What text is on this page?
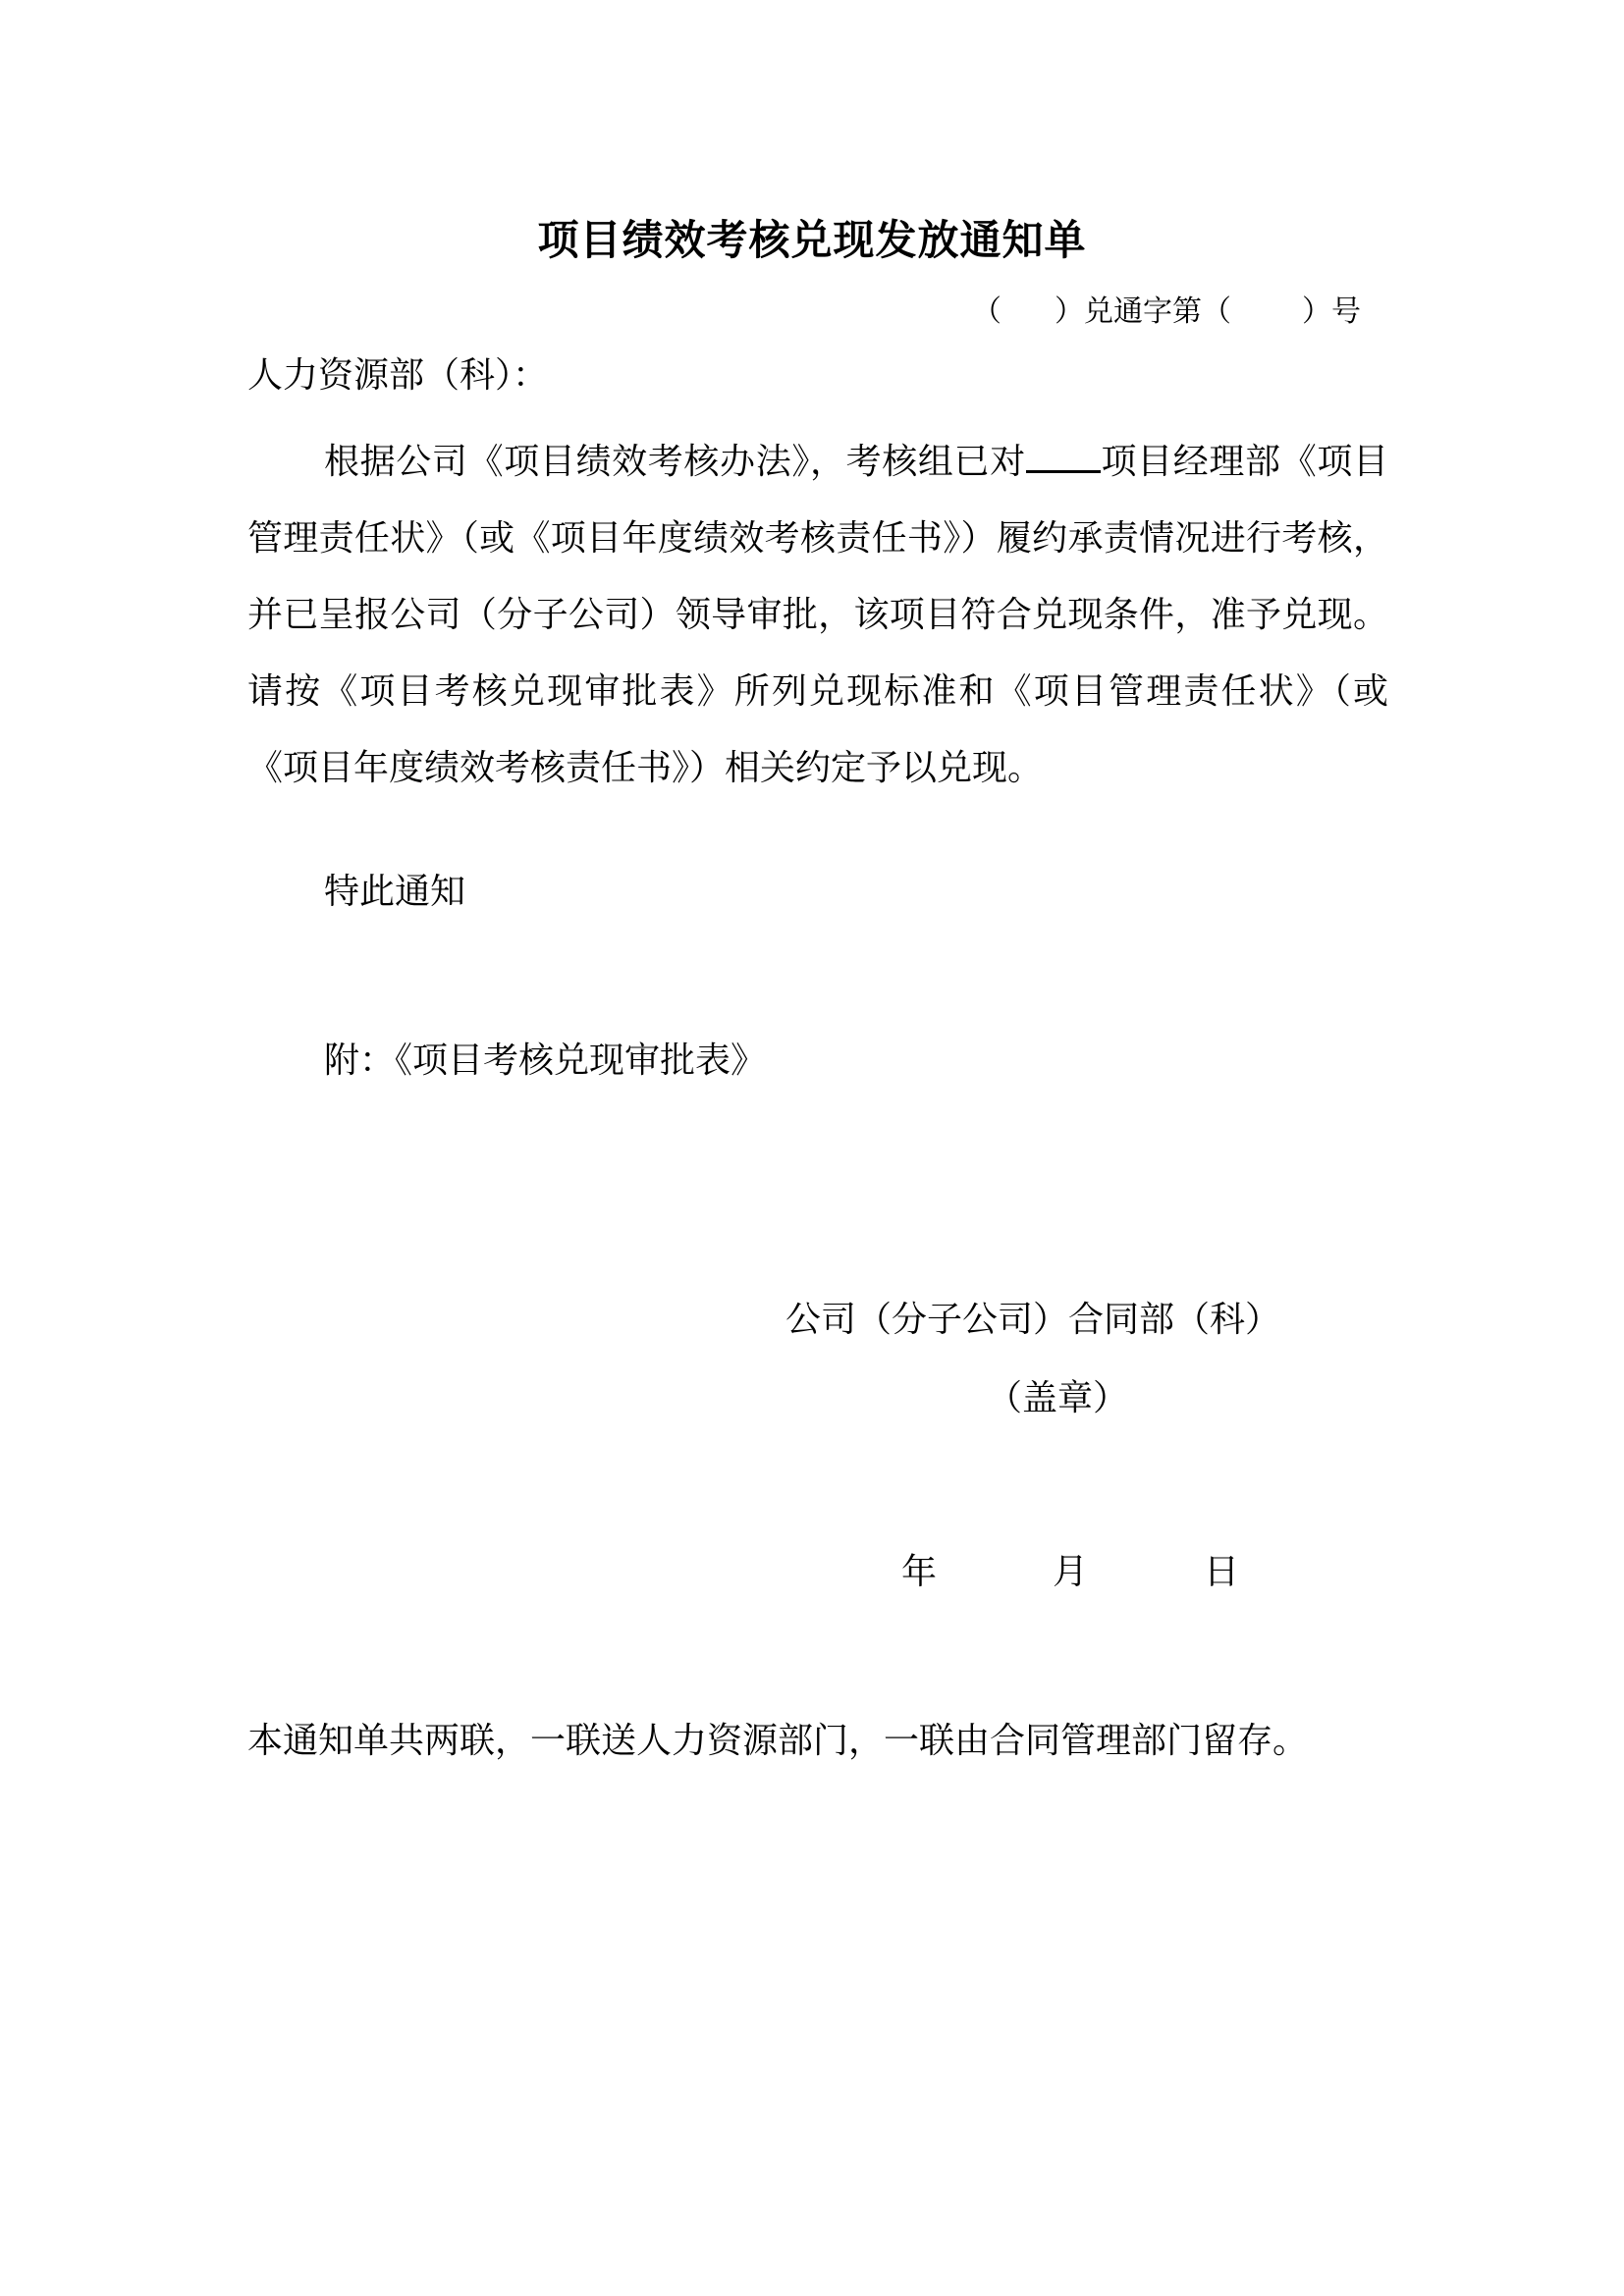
项目绩效考核兑现发放通知单
（ ）兑通字第（ ）号
人力资源部（科）：
根据公司《项目绩效考核办法》，考核组已对 项目经理部《项目管理责任状》（或《项目年度绩效考核责任书》）履约承责情况进行考核，并已呈报公司（分子公司）领导审批，该项目符合兑现条件，准予兑现。请按《项目考核兑现审批表》所列兑现标准和《项目管理责任状》（或《项目年度绩效考核责任书》）相关约定予以兑现。
特此通知
附：《项目考核兑现审批表》
公司（分子公司）合同部（科）
（盖章）
年	月	日
本通知单共两联，一联送人力资源部门，一联由合同管理部门留存。
